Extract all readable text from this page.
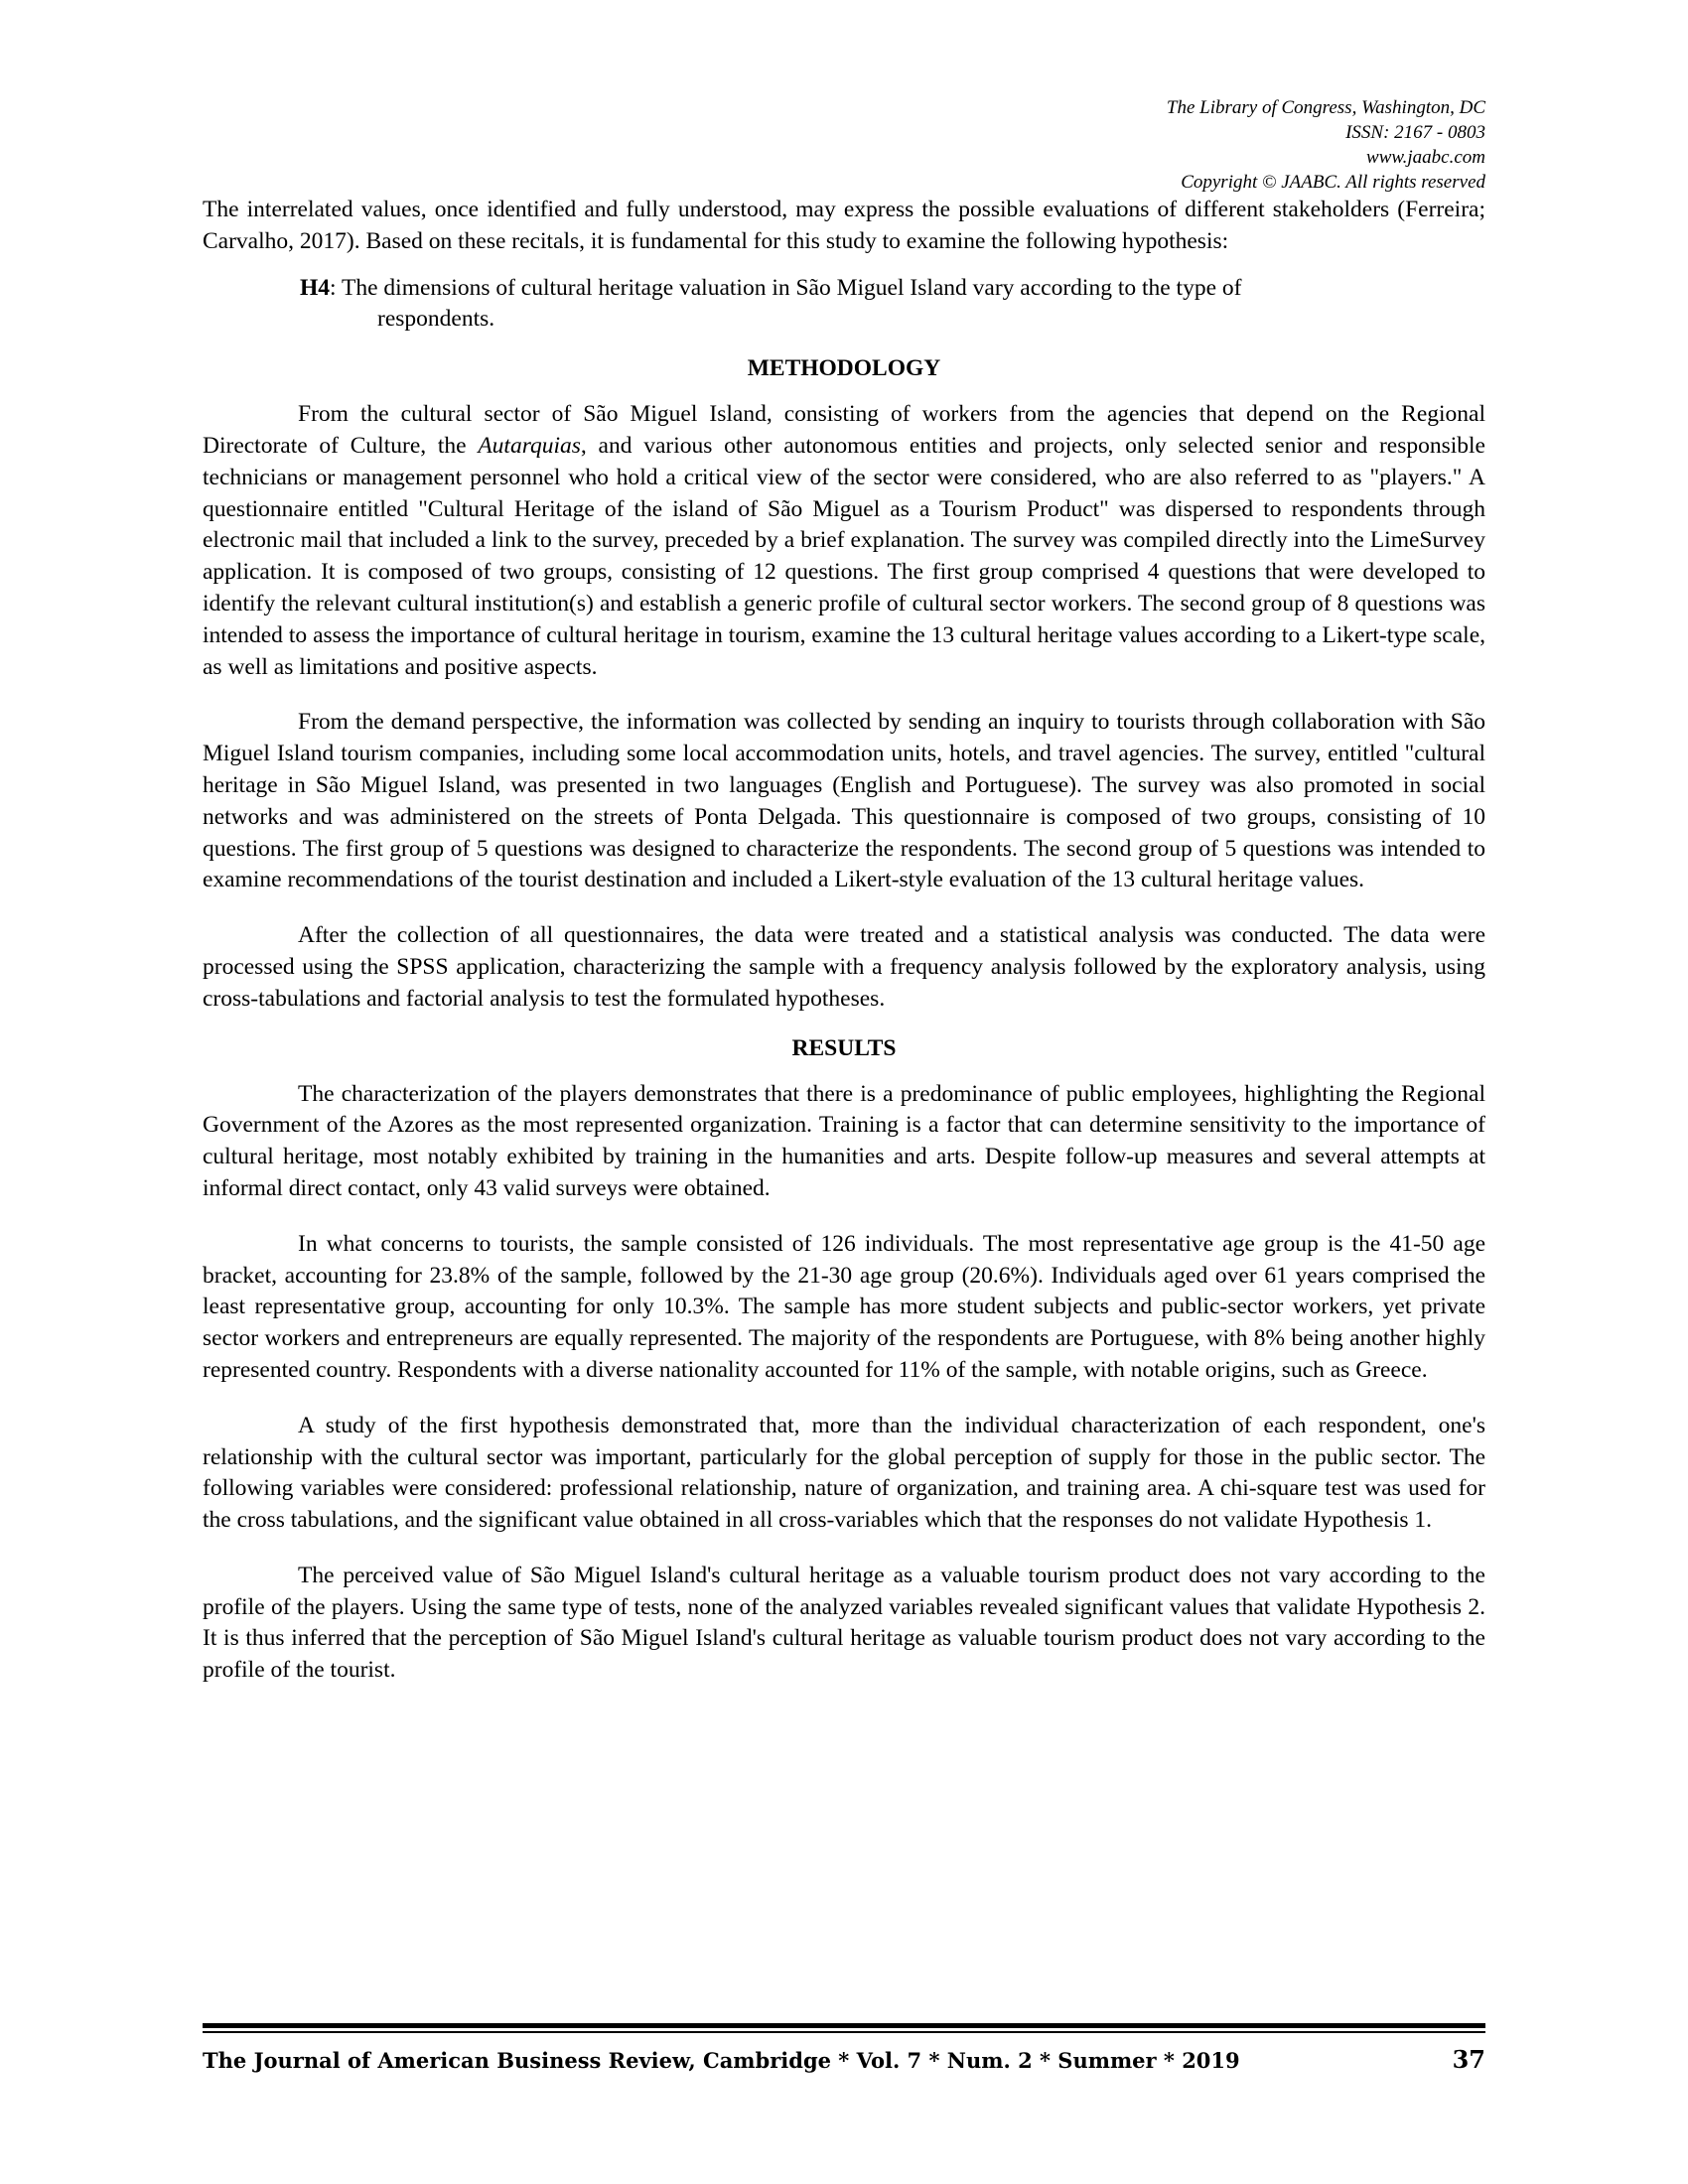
The Library of Congress, Washington, DC
ISSN: 2167 - 0803
www.jaabc.com
Copyright © JAABC. All rights reserved

The interrelated values, once identified and fully understood, may express the possible evaluations of different stakeholders (Ferreira; Carvalho, 2017). Based on these recitals, it is fundamental for this study to examine the following hypothesis:

H4: The dimensions of cultural heritage valuation in São Miguel Island vary according to the type of
respondents.

METHODOLOGY

From the cultural sector of São Miguel Island, consisting of workers from the agencies that depend on the Regional Directorate of Culture, the Autarquias, and various other autonomous entities and projects, only selected senior and responsible technicians or management personnel who hold a critical view of the sector were considered, who are also referred to as "players." A questionnaire entitled "Cultural Heritage of the island of São Miguel as a Tourism Product" was dispersed to respondents through electronic mail that included a link to the survey, preceded by a brief explanation. The survey was compiled directly into the LimeSurvey application. It is composed of two groups, consisting of 12 questions. The first group comprised 4 questions that were developed to identify the relevant cultural institution(s) and establish a generic profile of cultural sector workers. The second group of 8 questions was intended to assess the importance of cultural heritage in tourism, examine the 13 cultural heritage values according to a Likert-type scale, as well as limitations and positive aspects.

From the demand perspective, the information was collected by sending an inquiry to tourists through collaboration with São Miguel Island tourism companies, including some local accommodation units, hotels, and travel agencies. The survey, entitled "cultural heritage in São Miguel Island, was presented in two languages (English and Portuguese). The survey was also promoted in social networks and was administered on the streets of Ponta Delgada. This questionnaire is composed of two groups, consisting of 10 questions. The first group of 5 questions was designed to characterize the respondents. The second group of 5 questions was intended to examine recommendations of the tourist destination and included a Likert-style evaluation of the 13 cultural heritage values.

After the collection of all questionnaires, the data were treated and a statistical analysis was conducted. The data were processed using the SPSS application, characterizing the sample with a frequency analysis followed by the exploratory analysis, using cross-tabulations and factorial analysis to test the formulated hypotheses.

RESULTS

The characterization of the players demonstrates that there is a predominance of public employees, highlighting the Regional Government of the Azores as the most represented organization. Training is a factor that can determine sensitivity to the importance of cultural heritage, most notably exhibited by training in the humanities and arts. Despite follow-up measures and several attempts at informal direct contact, only 43 valid surveys were obtained.

In what concerns to tourists, the sample consisted of 126 individuals. The most representative age group is the 41-50 age bracket, accounting for 23.8% of the sample, followed by the 21-30 age group (20.6%). Individuals aged over 61 years comprised the least representative group, accounting for only 10.3%. The sample has more student subjects and public-sector workers, yet private sector workers and entrepreneurs are equally represented. The majority of the respondents are Portuguese, with 8% being another highly represented country. Respondents with a diverse nationality accounted for 11% of the sample, with notable origins, such as Greece.

A study of the first hypothesis demonstrated that, more than the individual characterization of each respondent, one's relationship with the cultural sector was important, particularly for the global perception of supply for those in the public sector. The following variables were considered: professional relationship, nature of organization, and training area. A chi-square test was used for the cross tabulations, and the significant value obtained in all cross-variables which that the responses do not validate Hypothesis 1.

The perceived value of São Miguel Island's cultural heritage as a valuable tourism product does not vary according to the profile of the players. Using the same type of tests, none of the analyzed variables revealed significant values that validate Hypothesis 2. It is thus inferred that the perception of São Miguel Island's cultural heritage as valuable tourism product does not vary according to the profile of the tourist.

The Journal of American Business Review, Cambridge * Vol. 7 * Num. 2 * Summer * 2019	37
